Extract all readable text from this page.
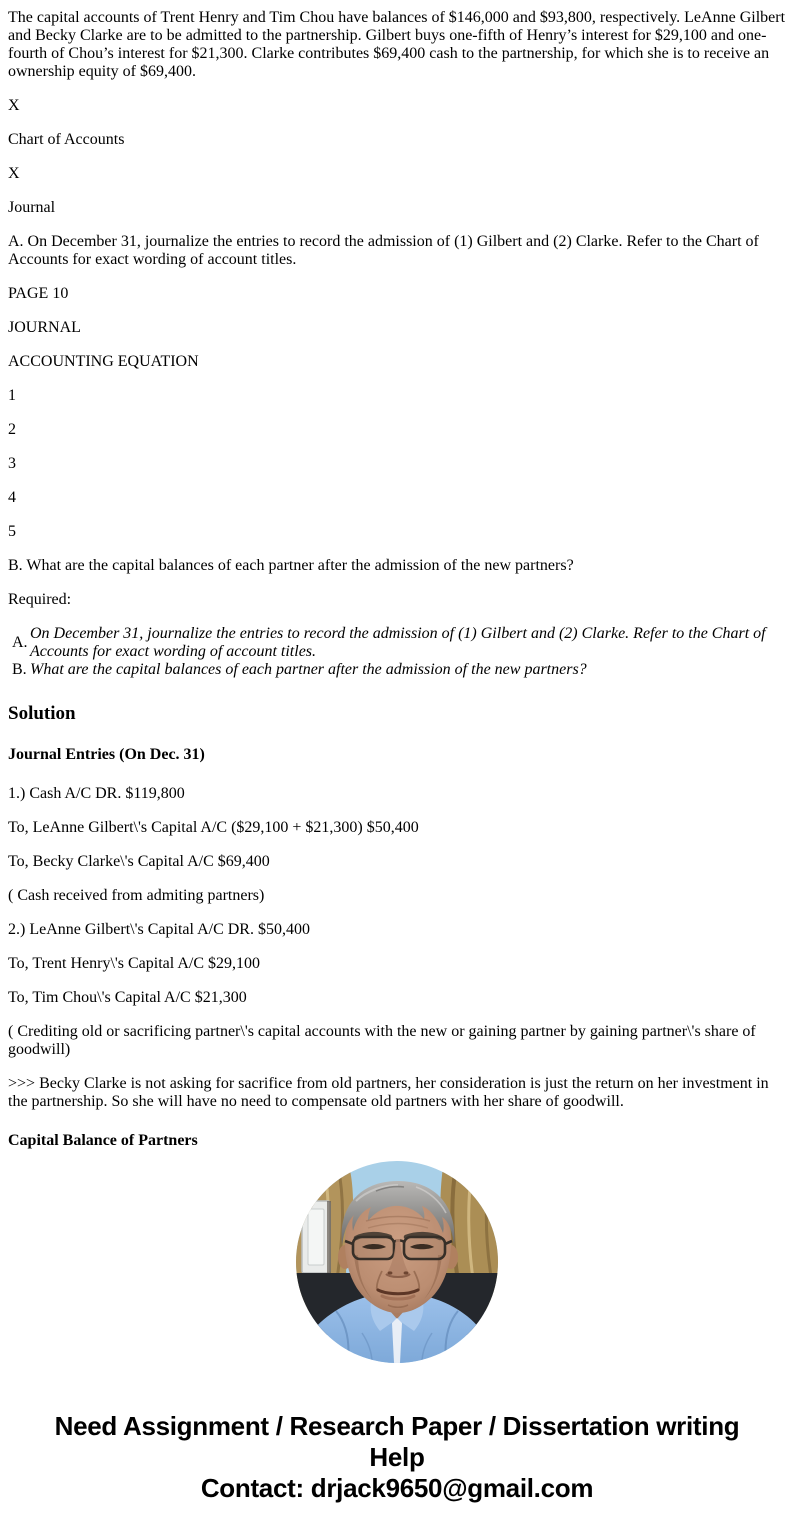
The capital accounts of Trent Henry and Tim Chou have balances of $146,000 and $93,800, respectively. LeAnne Gilbert and Becky Clarke are to be admitted to the partnership. Gilbert buys one-fifth of Henry’s interest for $29,100 and one-fourth of Chou’s interest for $21,300. Clarke contributes $69,400 cash to the partnership, for which she is to receive an ownership equity of $69,400.

X

Chart of Accounts

X

Journal

A. On December 31, journalize the entries to record the admission of (1) Gilbert and (2) Clarke. Refer to the Chart of Accounts for exact wording of account titles.

PAGE 10

JOURNAL

ACCOUNTING EQUATION

1

2

3

4

5

B. What are the capital balances of each partner after the admission of the new partners?

Required:

A.
On December 31, journalize the entries to record the admission of (1) Gilbert and (2) Clarke. Refer to the Chart of Accounts for exact wording of account titles.
B. What are the capital balances of each partner after the admission of the new partners?
Solution
Journal Entries (On Dec. 31)

1.) Cash A/C DR. $119,800

To, LeAnne Gilbert\'s Capital A/C ($29,100 + $21,300) $50,400

To, Becky Clarke\'s Capital A/C $69,400

( Cash received from admiting partners)

2.) LeAnne Gilbert\'s Capital A/C DR. $50,400

To, Trent Henry\'s Capital A/C $29,100

To, Tim Chou\'s Capital A/C $21,300

( Crediting old or sacrificing partner\'s capital accounts with the new or gaining partner by gaining partner\'s share of goodwill)

>>> Becky Clarke is not asking for sacrifice from old partners, her consideration is just the return on her investment in the partnership. So she will have no need to compensate old partners with her share of goodwill.

Capital Balance of Partners
Need Assignment / Research Paper / Dissertation writing Help
Contact: drjack9650@gmail.com
